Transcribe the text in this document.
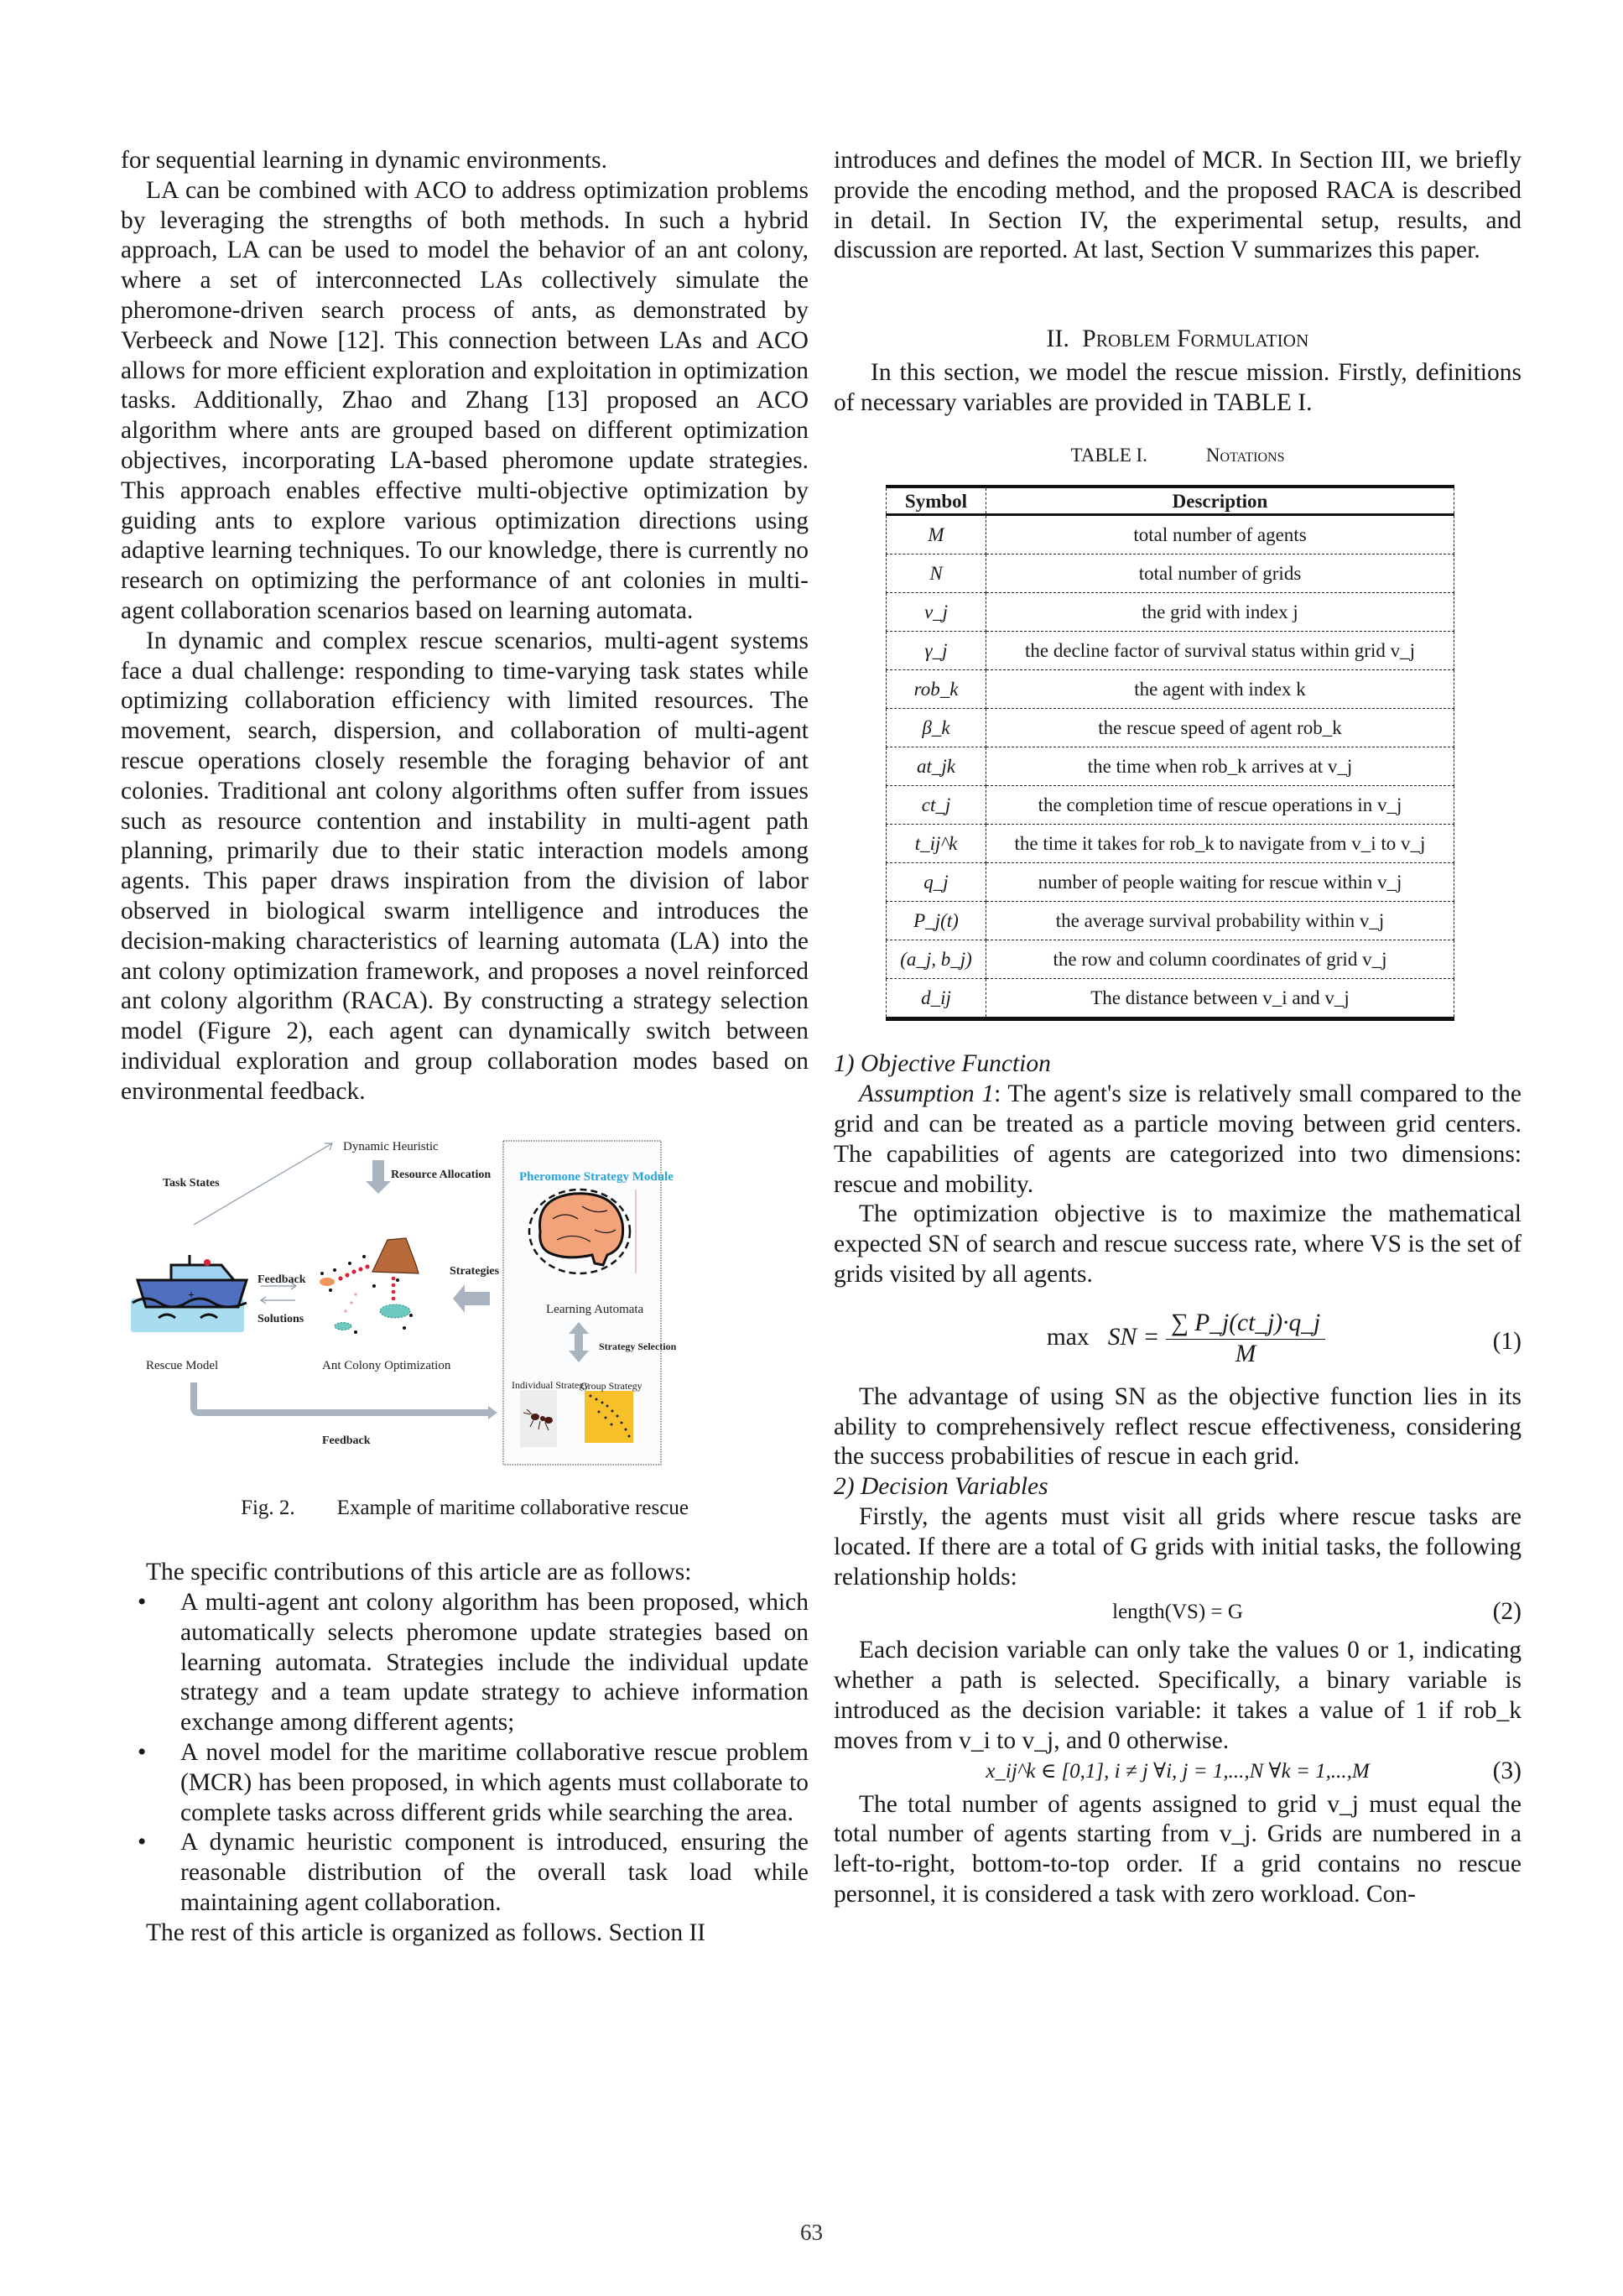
for sequential learning in dynamic environments.

LA can be combined with ACO to address optimization problems by leveraging the strengths of both methods. In such a hybrid approach, LA can be used to model the behavior of an ant colony, where a set of interconnected LAs collectively simulate the pheromone-driven search process of ants, as demonstrated by Verbeeck and Nowe [12]. This connection between LAs and ACO allows for more efficient exploration and exploitation in optimization tasks. Additionally, Zhao and Zhang [13] proposed an ACO algorithm where ants are grouped based on different optimization objectives, incorporating LA-based pheromone update strategies. This approach enables effective multi-objective optimization by guiding ants to explore various optimization directions using adaptive learning techniques. To our knowledge, there is currently no research on optimizing the performance of ant colonies in multi-agent collaboration scenarios based on learning automata.

In dynamic and complex rescue scenarios, multi-agent systems face a dual challenge: responding to time-varying task states while optimizing collaboration efficiency with limited resources. The movement, search, dispersion, and collaboration of multi-agent rescue operations closely resemble the foraging behavior of ant colonies. Traditional ant colony algorithms often suffer from issues such as resource contention and instability in multi-agent path planning, primarily due to their static interaction models among agents. This paper draws inspiration from the division of labor observed in biological swarm intelligence and introduces the decision-making characteristics of learning automata (LA) into the ant colony optimization framework, and proposes a novel reinforced ant colony algorithm (RACA). By constructing a strategy selection model (Figure 2), each agent can dynamically switch between individual exploration and group collaboration modes based on environmental feedback.

+
Dynamic Heuristic
Task States
Resource Allocation
Feedback
Solutions
Strategies
Rescue Model	Ant Colony Optimization
Feedback
Pheromone Strategy Module
Learning Automata
Strategy Selection
Individual Strategy
Group Strategy
Fig. 2. Example of maritime collaborative rescue

The specific contributions of this article are as follows:

• A multi-agent ant colony algorithm has been proposed, which automatically selects pheromone update strategies based on learning automata. Strategies include the individual update strategy and a team update strategy to achieve information exchange among different agents;
• A novel model for the maritime collaborative rescue problem (MCR) has been proposed, in which agents must collaborate to complete tasks across different grids while searching the area.
• A dynamic heuristic component is introduced, ensuring the reasonable distribution of the overall task load while maintaining agent collaboration.

The rest of this article is organized as follows. Section II

introduces and defines the model of MCR. In Section III, we briefly provide the encoding method, and the proposed RACA is described in detail. In Section IV, the experimental setup, results, and discussion are reported. At last, Section V summarizes this paper.

II. Problem Formulation

In this section, we model the rescue mission. Firstly, definitions of necessary variables are provided in TABLE I.

TABLE I.	Notations
Symbol	Description
M	total number of agents
N	total number of grids
v_j	the grid with index j
γ_j	the decline factor of survival status within grid v_j
rob_k	the agent with index k
β_k	the rescue speed of agent rob_k
at_jk	the time when rob_k arrives at v_j
ct_j	the completion time of rescue operations in v_j
t_ij^k	the time it takes for rob_k to navigate from v_i to v_j
q_j	number of people waiting for rescue within v_j
P_j(t)	the average survival probability within v_j
(a_j, b_j)	the row and column coordinates of grid v_j
d_ij	The distance between v_i and v_j

1) Objective Function

Assumption 1: The agent's size is relatively small compared to the grid and can be treated as a particle moving between grid centers. The capabilities of agents are categorized into two dimensions: rescue and mobility.

The optimization objective is to maximize the mathematical expected SN of search and rescue success rate, where VS is the set of grids visited by all agents.

max SN = $\frac{\sum P\_j(ct\_j)\cdot q\_j}{M}$	(1)

The advantage of using SN as the objective function lies in its ability to comprehensively reflect rescue effectiveness, considering the success probabilities of rescue in each grid.

2) Decision Variables

Firstly, the agents must visit all grids where rescue tasks are located. If there are a total of G grids with initial tasks, the following relationship holds:

length(VS) = G	(2)

Each decision variable can only take the values 0 or 1, indicating whether a path is selected. Specifically, a binary variable is introduced as the decision variable: it takes a value of 1 if rob_k moves from v_i to v_j, and 0 otherwise.

x_ij^k ∈ [0,1], i ≠ j ∀i, j = 1,...,N ∀k = 1,...,M	(3)

The total number of agents assigned to grid v_j must equal the total number of agents starting from v_j. Grids are numbered in a left-to-right, bottom-to-top order. If a grid contains no rescue personnel, it is considered a task with zero workload. Con-

63
